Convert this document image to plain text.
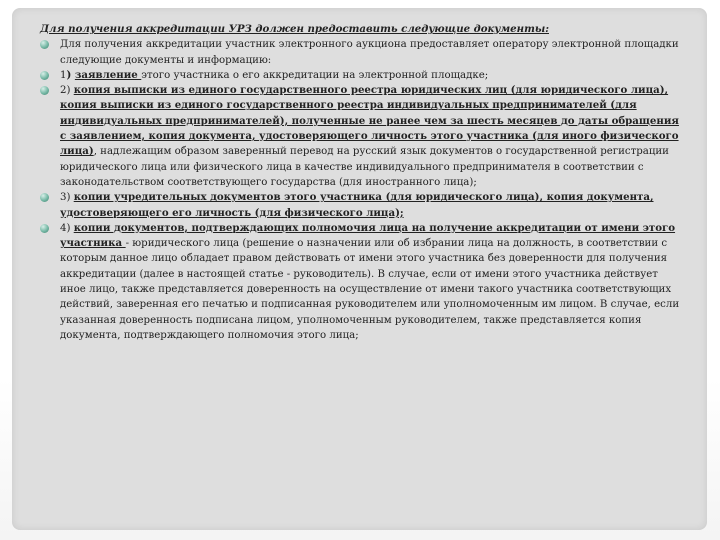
Для получения аккредитации УРЗ должен предоставить следующие документы:

Для получения аккредитации участник электронного аукциона предоставляет оператору электронной площадки следующие документы и информацию:
1) заявление этого участника о его аккредитации на электронной площадке;
2) копия выписки из единого государственного реестра юридических лиц (для юридического лица), копия выписки из единого государственного реестра индивидуальных предпринимателей (для индивидуальных предпринимателей), полученные не ранее чем за шесть месяцев до даты обращения с заявлением, копия документа, удостоверяющего личность этого участника (для иного физического лица), надлежащим образом заверенный перевод на русский язык документов о государственной регистрации юридического лица или физического лица в качестве индивидуального предпринимателя в соответствии с законодательством соответствующего государства (для иностранного лица);
3) копии учредительных документов этого участника (для юридического лица), копия документа, удостоверяющего его личность (для физического лица);
4) копии документов, подтверждающих полномочия лица на получение аккредитации от имени этого участника - юридического лица (решение о назначении или об избрании лица на должность, в соответствии с которым данное лицо обладает правом действовать от имени этого участника без доверенности для получения аккредитации (далее в настоящей статье - руководитель). В случае, если от имени этого участника действует иное лицо, также представляется доверенность на осуществление от имени такого участника соответствующих действий, заверенная его печатью и подписанная руководителем или уполномоченным им лицом. В случае, если указанная доверенность подписана лицом, уполномоченным руководителем, также представляется копия документа, подтверждающего полномочия этого лица;
